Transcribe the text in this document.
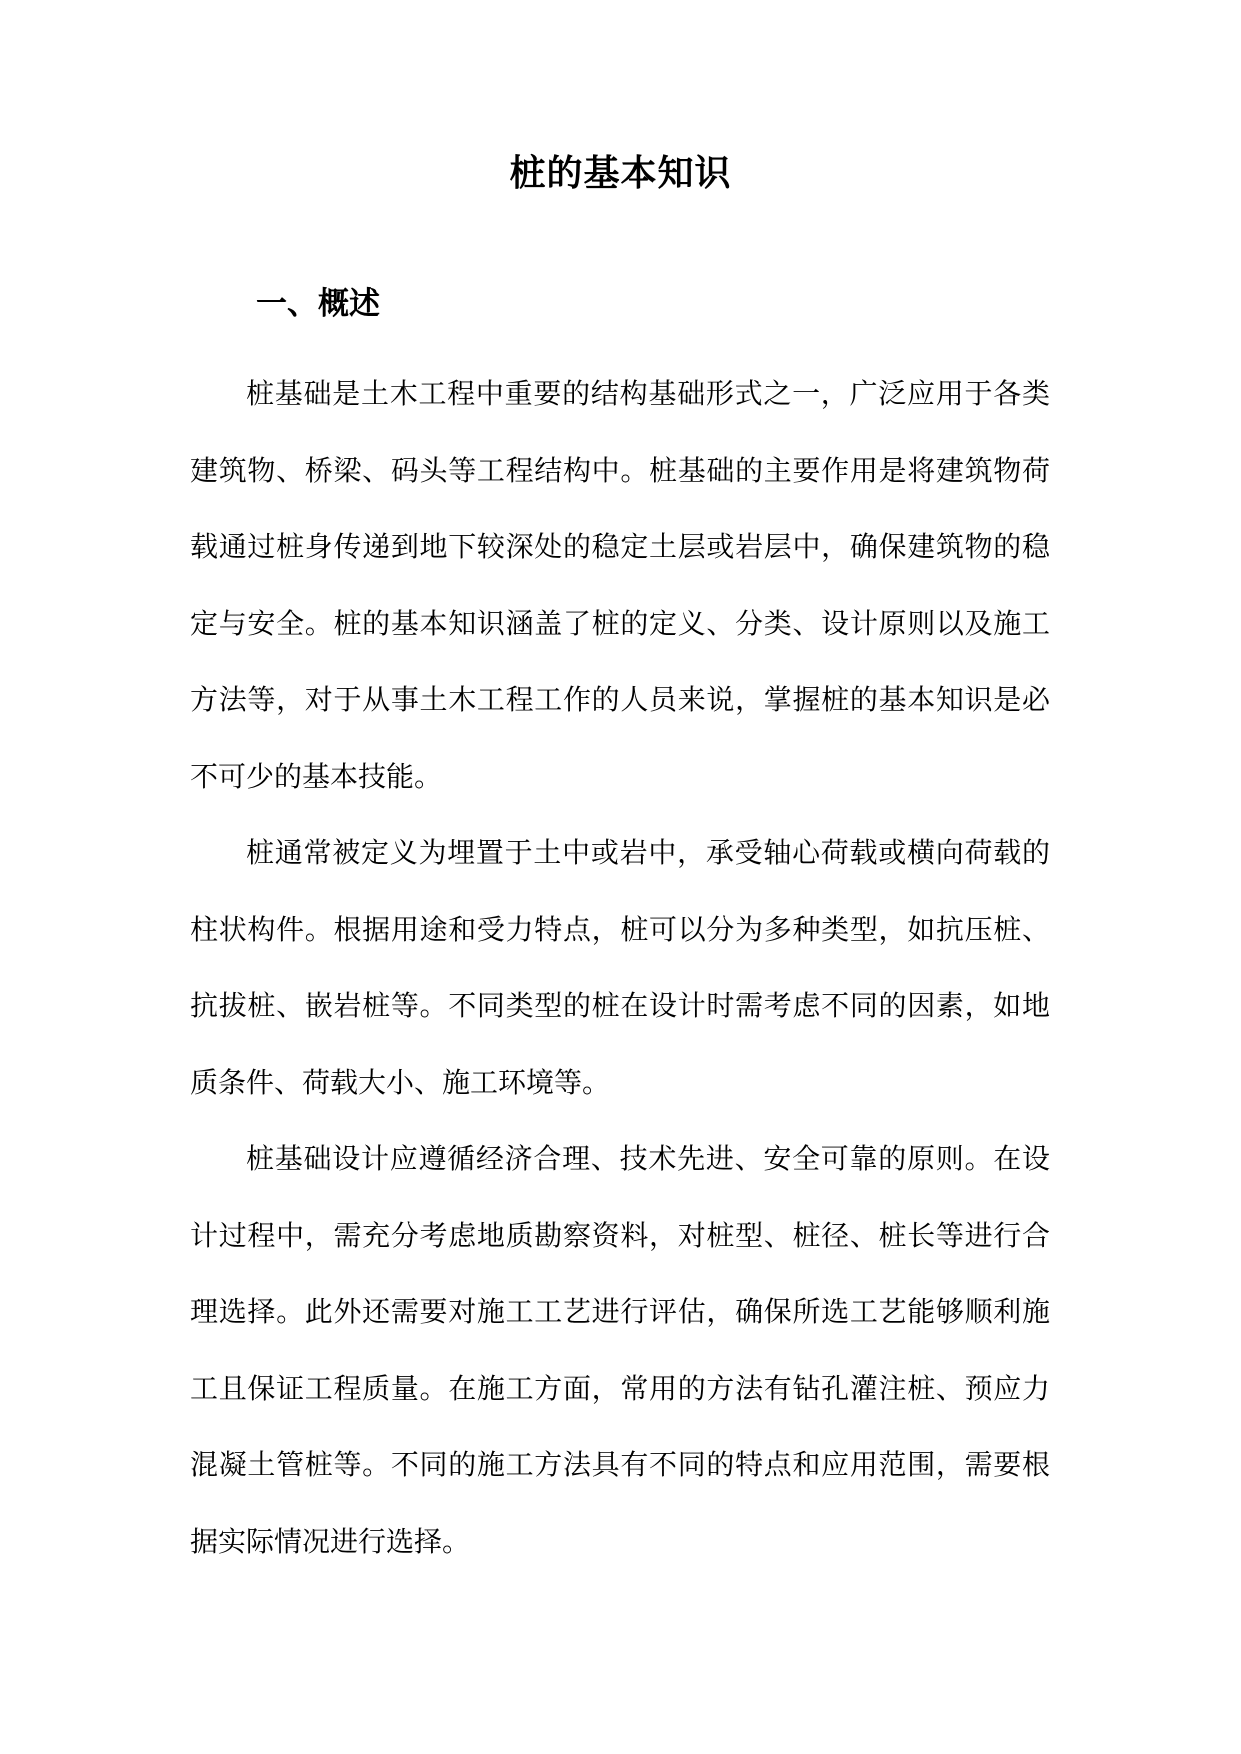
桩的基本知识
一、概述

桩基础是土木工程中重要的结构基础形式之一，广泛应用于各类建筑物、桥梁、码头等工程结构中。桩基础的主要作用是将建筑物荷载通过桩身传递到地下较深处的稳定土层或岩层中，确保建筑物的稳定与安全。桩的基本知识涵盖了桩的定义、分类、设计原则以及施工方法等，对于从事土木工程工作的人员来说，掌握桩的基本知识是必不可少的基本技能。

桩通常被定义为埋置于土中或岩中，承受轴心荷载或横向荷载的柱状构件。根据用途和受力特点，桩可以分为多种类型，如抗压桩、抗拔桩、嵌岩桩等。不同类型的桩在设计时需考虑不同的因素，如地质条件、荷载大小、施工环境等。

桩基础设计应遵循经济合理、技术先进、安全可靠的原则。在设计过程中，需充分考虑地质勘察资料，对桩型、桩径、桩长等进行合理选择。此外还需要对施工工艺进行评估，确保所选工艺能够顺利施工且保证工程质量。在施工方面，常用的方法有钻孔灌注桩、预应力混凝土管桩等。不同的施工方法具有不同的特点和应用范围，需要根据实际情况进行选择。
